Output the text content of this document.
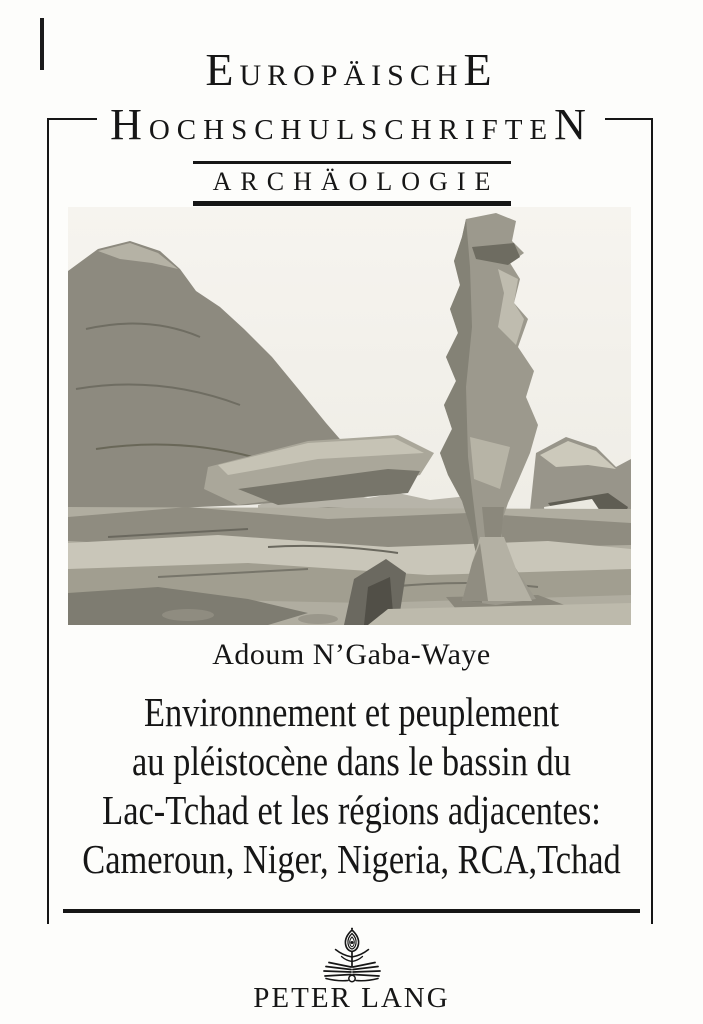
EUROPÄISCHE
HOCHSCHULSCHRIFTEN
ARCHÄOLOGIE
Adoum N’Gaba-Waye
Environnement et peuplement
au pléistocène dans le bassin du
Lac-Tchad et les régions adjacentes:
Cameroun, Niger, Nigeria, RCA,Tchad
PETER LANG
